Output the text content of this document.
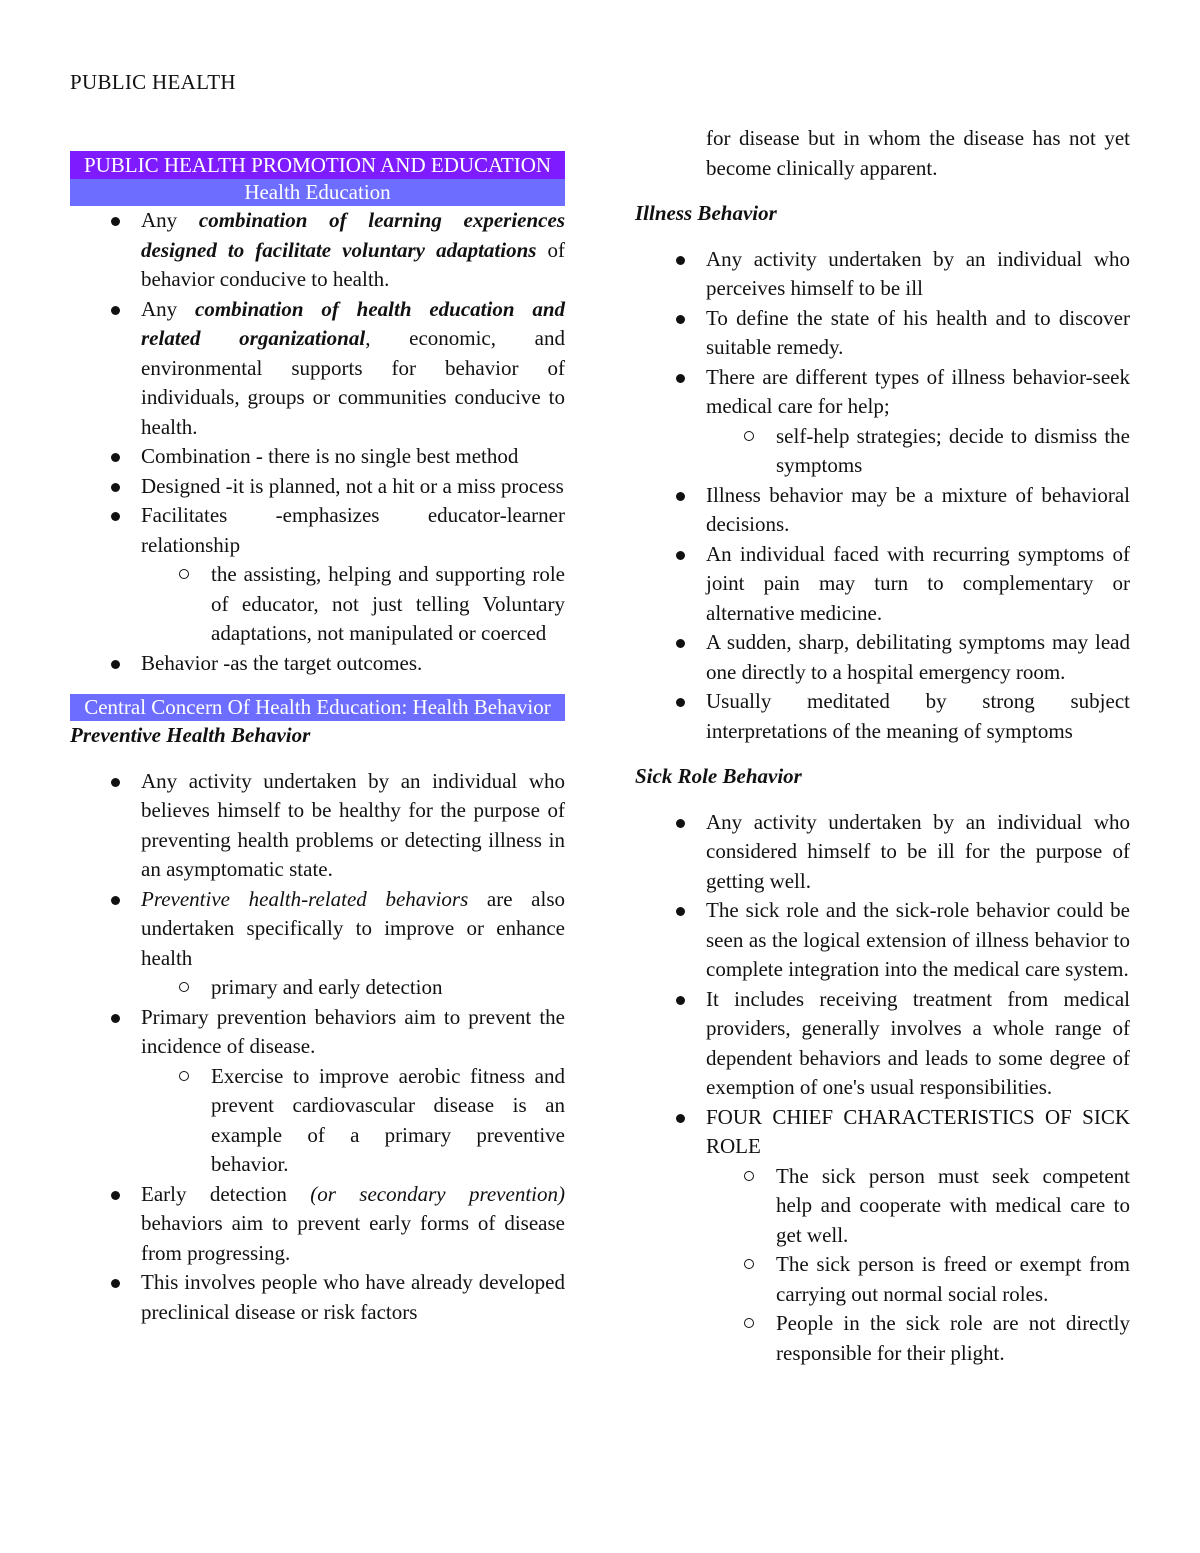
PUBLIC HEALTH
PUBLIC HEALTH PROMOTION AND EDUCATION
Health Education
Any combination of learning experiences designed to facilitate voluntary adaptations of behavior conducive to health.
Any combination of health education and related organizational, economic, and environmental supports for behavior of individuals, groups or communities conducive to health.
Combination - there is no single best method
Designed -it is planned, not a hit or a miss process
Facilitates -emphasizes educator-learner relationship
the assisting, helping and supporting role of educator, not just telling Voluntary adaptations, not manipulated or coerced
Behavior -as the target outcomes.
Central Concern Of Health Education: Health Behavior
Preventive Health Behavior
Any activity undertaken by an individual who believes himself to be healthy for the purpose of preventing health problems or detecting illness in an asymptomatic state.
Preventive health-related behaviors are also undertaken specifically to improve or enhance health
primary and early detection
Primary prevention behaviors aim to prevent the incidence of disease.
Exercise to improve aerobic fitness and prevent cardiovascular disease is an example of a primary preventive behavior.
Early detection (or secondary prevention) behaviors aim to prevent early forms of disease from progressing.
This involves people who have already developed preclinical disease or risk factors
for disease but in whom the disease has not yet become clinically apparent.
Illness Behavior
Any activity undertaken by an individual who perceives himself to be ill
To define the state of his health and to discover suitable remedy.
There are different types of illness behavior-seek medical care for help;
self-help strategies; decide to dismiss the symptoms
Illness behavior may be a mixture of behavioral decisions.
An individual faced with recurring symptoms of joint pain may turn to complementary or alternative medicine.
A sudden, sharp, debilitating symptoms may lead one directly to a hospital emergency room.
Usually meditated by strong subject interpretations of the meaning of symptoms
Sick Role Behavior
Any activity undertaken by an individual who considered himself to be ill for the purpose of getting well.
The sick role and the sick-role behavior could be seen as the logical extension of illness behavior to complete integration into the medical care system.
It includes receiving treatment from medical providers, generally involves a whole range of dependent behaviors and leads to some degree of exemption of one's usual responsibilities.
FOUR CHIEF CHARACTERISTICS OF SICK ROLE
The sick person must seek competent help and cooperate with medical care to get well.
The sick person is freed or exempt from carrying out normal social roles.
People in the sick role are not directly responsible for their plight.
